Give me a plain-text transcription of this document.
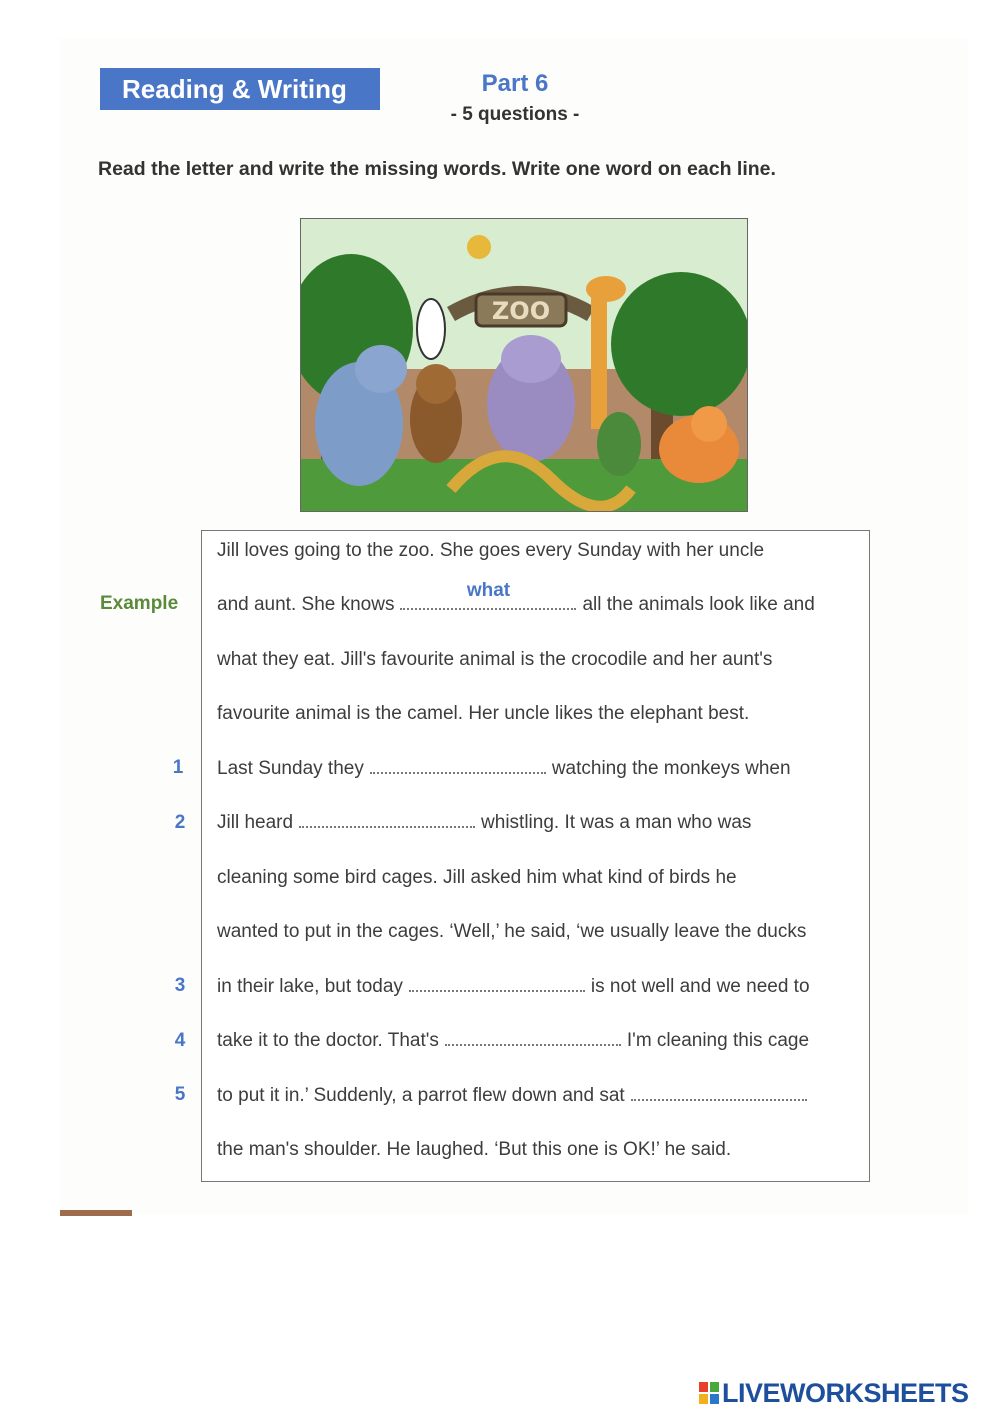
Reading & Writing	Part 6
- 5 questions -
Read the letter and write the missing words. Write one word on each line.
ZOO
Example
Jill loves going to the zoo. She goes every Sunday with her uncle
and aunt. She knows
what
all the animals look like and
what they eat. Jill's favourite animal is the crocodile and her aunt's
favourite animal is the camel. Her uncle likes the elephant best.
1	Last Sunday they	watching the monkeys when
2	Jill heard	whistling. It was a man who was
cleaning some bird cages. Jill asked him what kind of birds he
wanted to put in the cages. ‘Well,’ he said, ‘we usually leave the ducks
3	in their lake, but today	is not well and we need to
4	take it to the doctor. That's	I'm cleaning this cage
5	to put it in.’ Suddenly, a parrot flew down and sat
the man's shoulder. He laughed. ‘But this one is OK!’ he said.
LIVEWORKSHEETS
